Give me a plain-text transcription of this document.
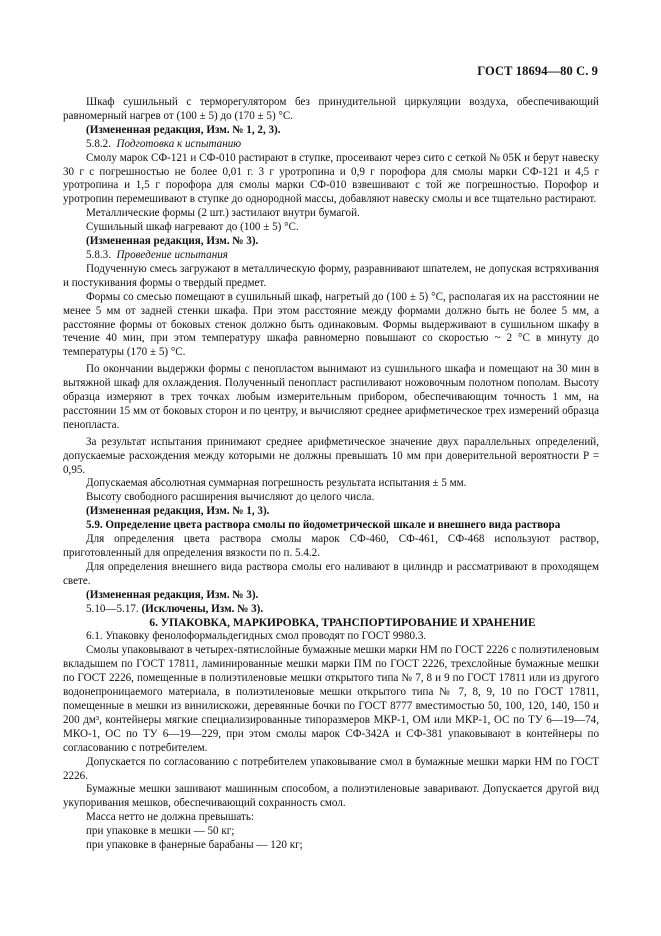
ГОСТ 18694—80 С. 9

Шкаф сушильный с терморегулятором без принудительной циркуляции воздуха, обеспечивающий равномерный нагрев от (100 ± 5) до (170 ± 5) °С.

(Измененная редакция, Изм. № 1, 2, 3).

5.8.2. Подготовка к испытанию

Смолу марок СФ-121 и СФ-010 растирают в ступке, просеивают через сито с сеткой № 05К и берут навеску 30 г с погрешностью не более 0,01 г. 3 г уротропина и 0,9 г порофора для смолы марки СФ-121 и 4,5 г уротропина и 1,5 г порофора для смолы марки СФ-010 взвешивают с той же погрешностью. Порофор и уротропин перемешивают в ступке до однородной массы, добавляют навеску смолы и все тщательно растирают.

Металлические формы (2 шт.) застилают внутри бумагой.

Сушильный шкаф нагревают до (100 ± 5) °С.

(Измененная редакция, Изм. № 3).

5.8.3. Проведение испытания

Подученную смесь загружают в металлическую форму, разравнивают шпателем, не допуская встряхивания и постукивания формы о твердый предмет.

Формы со смесью помещают в сушильный шкаф, нагретый до (100 ± 5) °С, располагая их на расстоянии не менее 5 мм от задней стенки шкафа. При этом расстояние между формами должно быть не более 5 мм, а расстояние формы от боковых стенок должно быть одинаковым. Формы выдерживают в сушильном шкафу в течение 40 мин, при этом температуру шкафа равномерно повышают со скоростью ~ 2 °С в минуту до температуры (170 ± 5) °С.

По окончании выдержки формы с пенопластом вынимают из сушильного шкафа и помещают на 30 мин в вытяжной шкаф для охлаждения. Полученный пенопласт распиливают ножовочным полотном пополам. Высоту образца измеряют в трех точках любым измерительным прибором, обеспечивающим точность 1 мм, на расстоянии 15 мм от боковых сторон и по центру, и вычисляют среднее арифметическое трех измерений образца пенопласта.

За результат испытания принимают среднее арифметическое значение двух параллельных определений, допускаемые расхождения между которыми не должны превышать 10 мм при доверительной вероятности P = 0,95.

Допускаемая абсолютная суммарная погрешность результата испытания ± 5 мм.

Высоту свободного расширения вычисляют до целого числа.

(Измененная редакция, Изм. № 1, 3).

5.9. Определение цвета раствора смолы по йодометрической шкале и внешнего вида раствора

Для определения цвета раствора смолы марок СФ-460, СФ-461, СФ-468 используют раствор, приготовленный для определения вязкости по п. 5.4.2.

Для определения внешнего вида раствора смолы его наливают в цилиндр и рассматривают в проходящем свете.

(Измененная редакция, Изм. № 3).

5.10—5.17. (Исключены, Изм. № 3).

6. УПАКОВКА, МАРКИРОВКА, ТРАНСПОРТИРОВАНИЕ И ХРАНЕНИЕ

6.1. Упаковку фенолоформальдегидных смол проводят по ГОСТ 9980.3.

Смолы упаковывают в четырех-пятислойные бумажные мешки марки НМ по ГОСТ 2226 с полиэтиленовым вкладышем по ГОСТ 17811, ламинированные мешки марки ПМ по ГОСТ 2226, трехслойные бумажные мешки по ГОСТ 2226, помещенные в полиэтиленовые мешки открытого типа № 7, 8 и 9 по ГОСТ 17811 или из другого водонепроницаемого материала, в полиэтиленовые мешки открытого типа № 7, 8, 9, 10 по ГОСТ 17811, помещенные в мешки из винилискожи, деревянные бочки по ГОСТ 8777 вместимостью 50, 100, 120, 140, 150 и 200 дм³, контейнеры мягкие специализированные типоразмеров МКР-1, ОМ или МКР-1, ОС по ТУ 6—19—74, МКО-1, ОС по ТУ 6—19—229, при этом смолы марок СФ-342А и СФ-381 упаковывают в контейнеры по согласованию с потребителем.

Допускается по согласованию с потребителем упаковывание смол в бумажные мешки марки НМ по ГОСТ 2226.

Бумажные мешки зашивают машинным способом, а полиэтиленовые заваривают. Допускается другой вид укупоривания мешков, обеспечивающий сохранность смол.

Масса нетто не должна превышать:

при упаковке в мешки — 50 кг;

при упаковке в фанерные барабаны — 120 кг;
